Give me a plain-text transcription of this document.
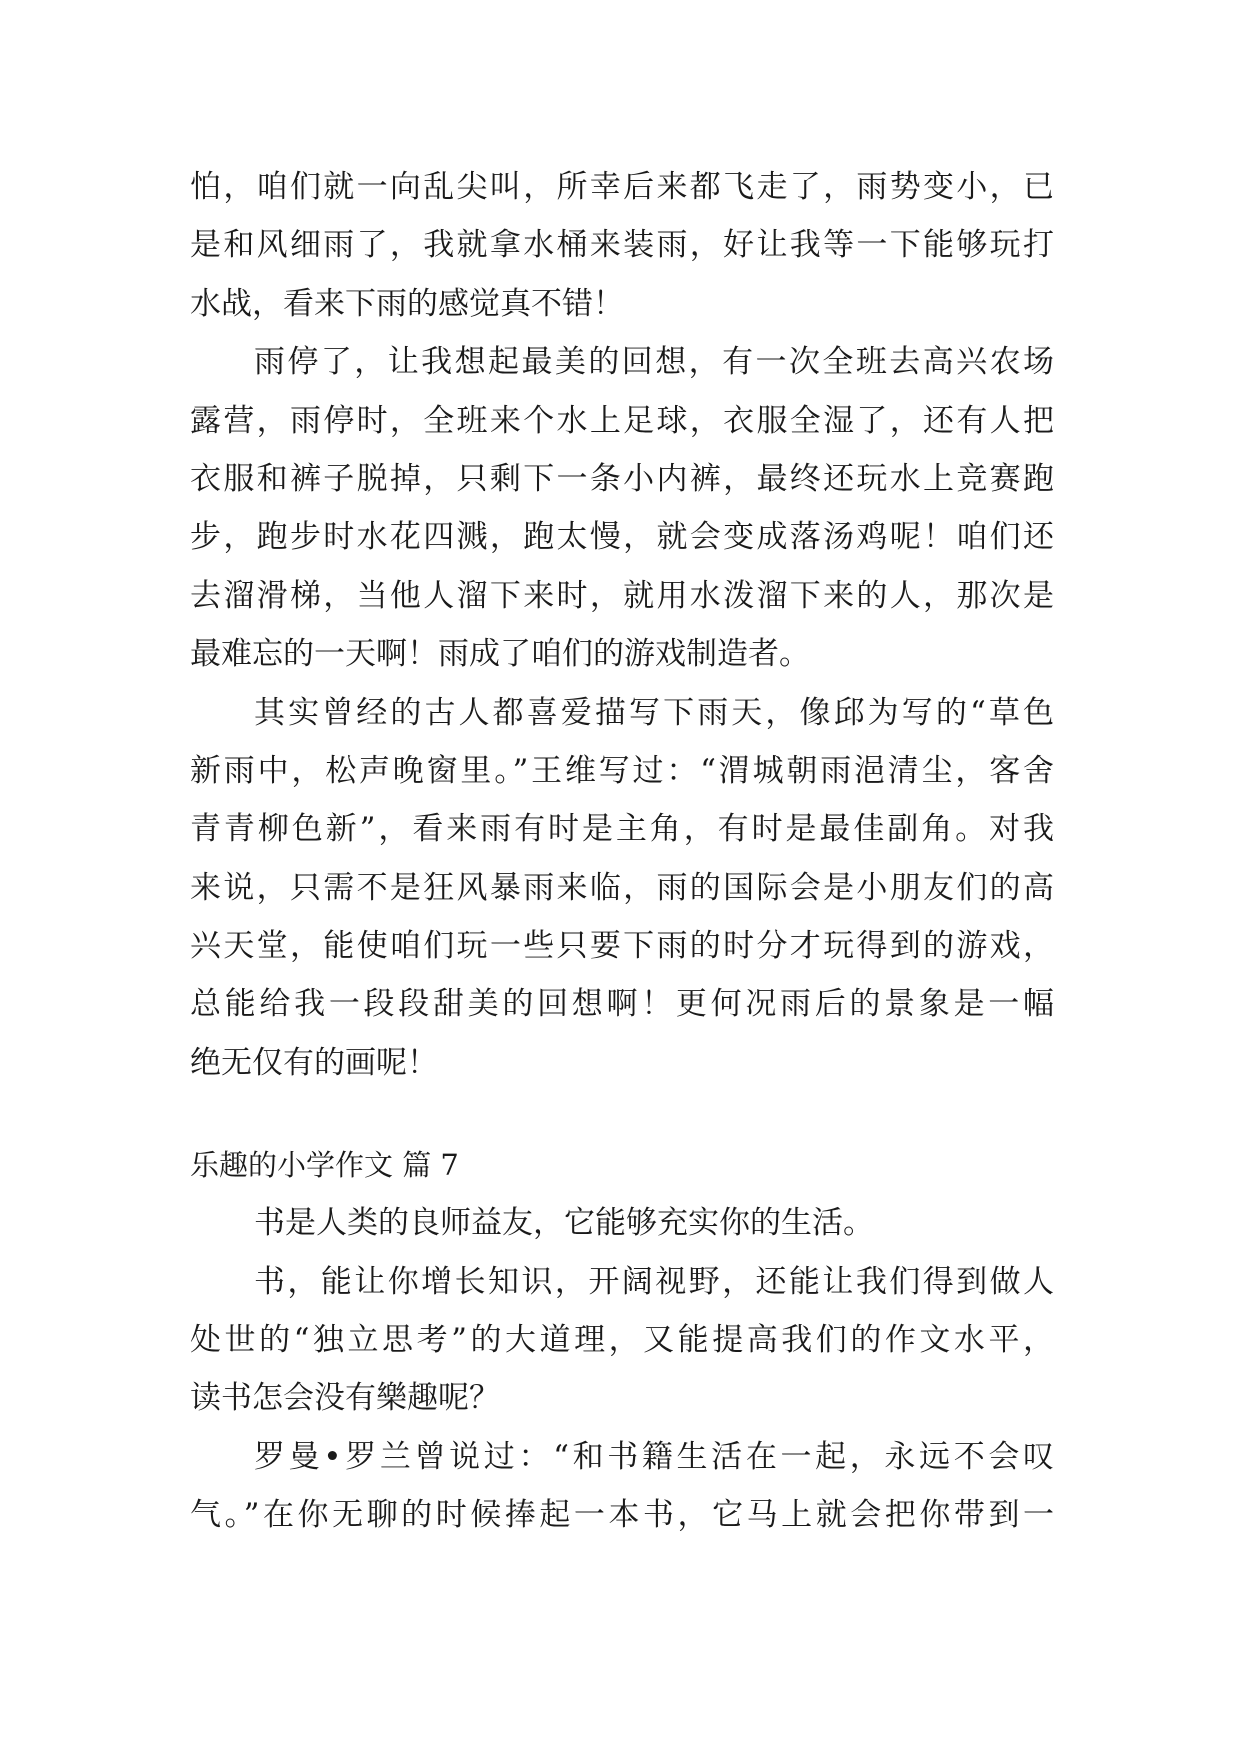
怕，咱们就一向乱尖叫，所幸后来都飞走了，雨势变小，已
是和风细雨了，我就拿水桶来装雨，好让我等一下能够玩打
水战，看来下雨的感觉真不错！
雨停了，让我想起最美的回想，有一次全班去高兴农场
露营，雨停时，全班来个水上足球，衣服全湿了，还有人把
衣服和裤子脱掉，只剩下一条小内裤，最终还玩水上竞赛跑
步，跑步时水花四溅，跑太慢，就会变成落汤鸡呢！咱们还
去溜滑梯，当他人溜下来时，就用水泼溜下来的人，那次是
最难忘的一天啊！雨成了咱们的游戏制造者。
其实曾经的古人都喜爱描写下雨天，像邱为写的“草色
新雨中，松声晚窗里。”王维写过：“渭城朝雨浥清尘，客舍
青青柳色新”，看来雨有时是主角，有时是最佳副角。对我
来说，只需不是狂风暴雨来临，雨的国际会是小朋友们的高
兴天堂，能使咱们玩一些只要下雨的时分才玩得到的游戏，
总能给我一段段甜美的回想啊！更何况雨后的景象是一幅
绝无仅有的画呢！
乐趣的小学作文 篇 7
书是人类的良师益友，它能够充实你的生活。
书，能让你增长知识，开阔视野，还能让我们得到做人
处世的“独立思考”的大道理，又能提高我们的作文水平，
读书怎会没有樂趣呢？
罗曼•罗兰曾说过：“和书籍生活在一起，永远不会叹
气。”在你无聊的时候捧起一本书，它马上就会把你带到一
